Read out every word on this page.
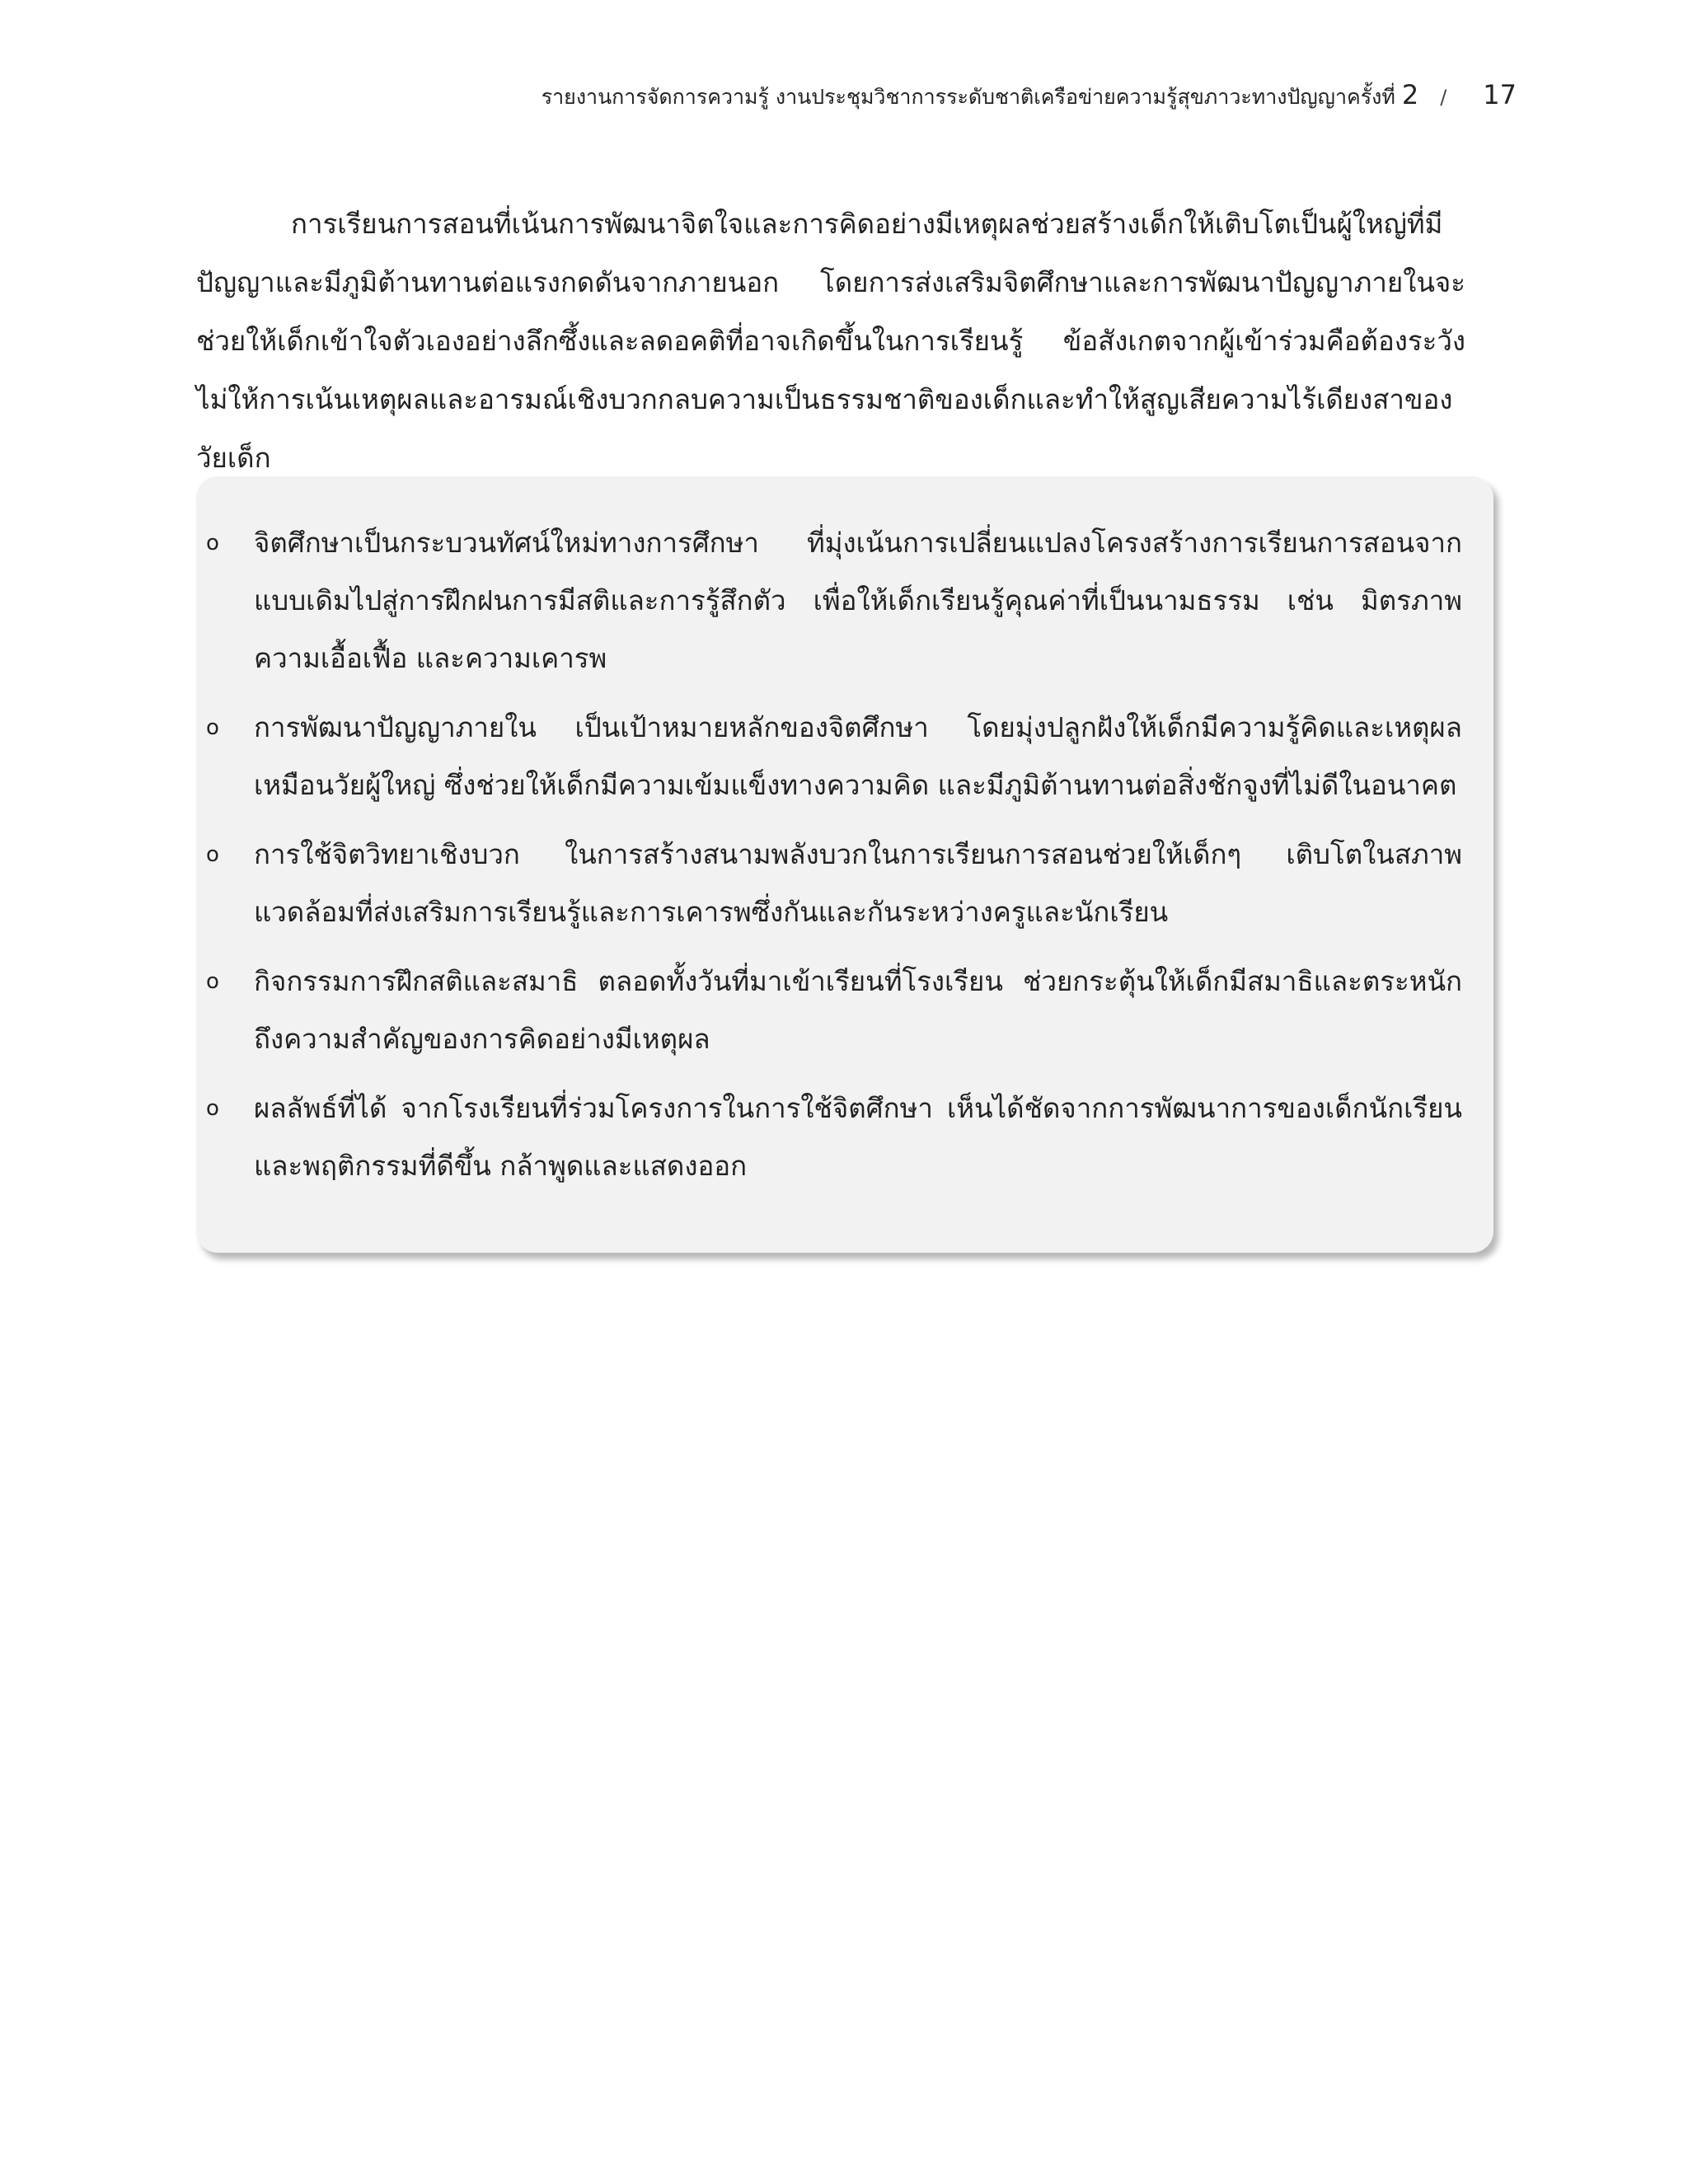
รายงานการจัดการความรู้ งานประชุมวิชาการระดับชาติเครือข่ายความรู้สุขภาวะทางปัญญาครั้งที่ 2 / 17

การเรียนการสอนที่เน้นการพัฒนาจิตใจและการคิดอย่างมีเหตุผลช่วยสร้างเด็กให้เติบโตเป็นผู้ใหญ่ที่มีปัญญาและมีภูมิต้านทานต่อแรงกดดันจากภายนอก โดยการส่งเสริมจิตศึกษาและการพัฒนาปัญญาภายในจะช่วยให้เด็กเข้าใจตัวเองอย่างลึกซึ้งและลดอคติที่อาจเกิดขึ้นในการเรียนรู้ ข้อสังเกตจากผู้เข้าร่วมคือต้องระวังไม่ให้การเน้นเหตุผลและอารมณ์เชิงบวกกลบความเป็นธรรมชาติของเด็กและทำให้สูญเสียความไร้เดียงสาของวัยเด็ก

o จิตศึกษาเป็นกระบวนทัศน์ใหม่ทางการศึกษา ที่มุ่งเน้นการเปลี่ยนแปลงโครงสร้างการเรียนการสอนจากแบบเดิมไปสู่การฝึกฝนการมีสติและการรู้สึกตัว เพื่อให้เด็กเรียนรู้คุณค่าที่เป็นนามธรรม เช่น มิตรภาพ ความเอื้อเฟื้อ และความเคารพ
o การพัฒนาปัญญาภายใน เป็นเป้าหมายหลักของจิตศึกษา โดยมุ่งปลูกฝังให้เด็กมีความรู้คิดและเหตุผลเหมือนวัยผู้ใหญ่ ซึ่งช่วยให้เด็กมีความเข้มแข็งทางความคิด และมีภูมิต้านทานต่อสิ่งชักจูงที่ไม่ดีในอนาคต
o การใช้จิตวิทยาเชิงบวก ในการสร้างสนามพลังบวกในการเรียนการสอนช่วยให้เด็กๆ เติบโตในสภาพแวดล้อมที่ส่งเสริมการเรียนรู้และการเคารพซึ่งกันและกันระหว่างครูและนักเรียน
o กิจกรรมการฝึกสติและสมาธิ ตลอดทั้งวันที่มาเข้าเรียนที่โรงเรียน ช่วยกระตุ้นให้เด็กมีสมาธิและตระหนักถึงความสำคัญของการคิดอย่างมีเหตุผล
o ผลลัพธ์ที่ได้ จากโรงเรียนที่ร่วมโครงการในการใช้จิตศึกษา เห็นได้ชัดจากการพัฒนาการของเด็กนักเรียน และพฤติกรรมที่ดีขึ้น กล้าพูดและแสดงออก
